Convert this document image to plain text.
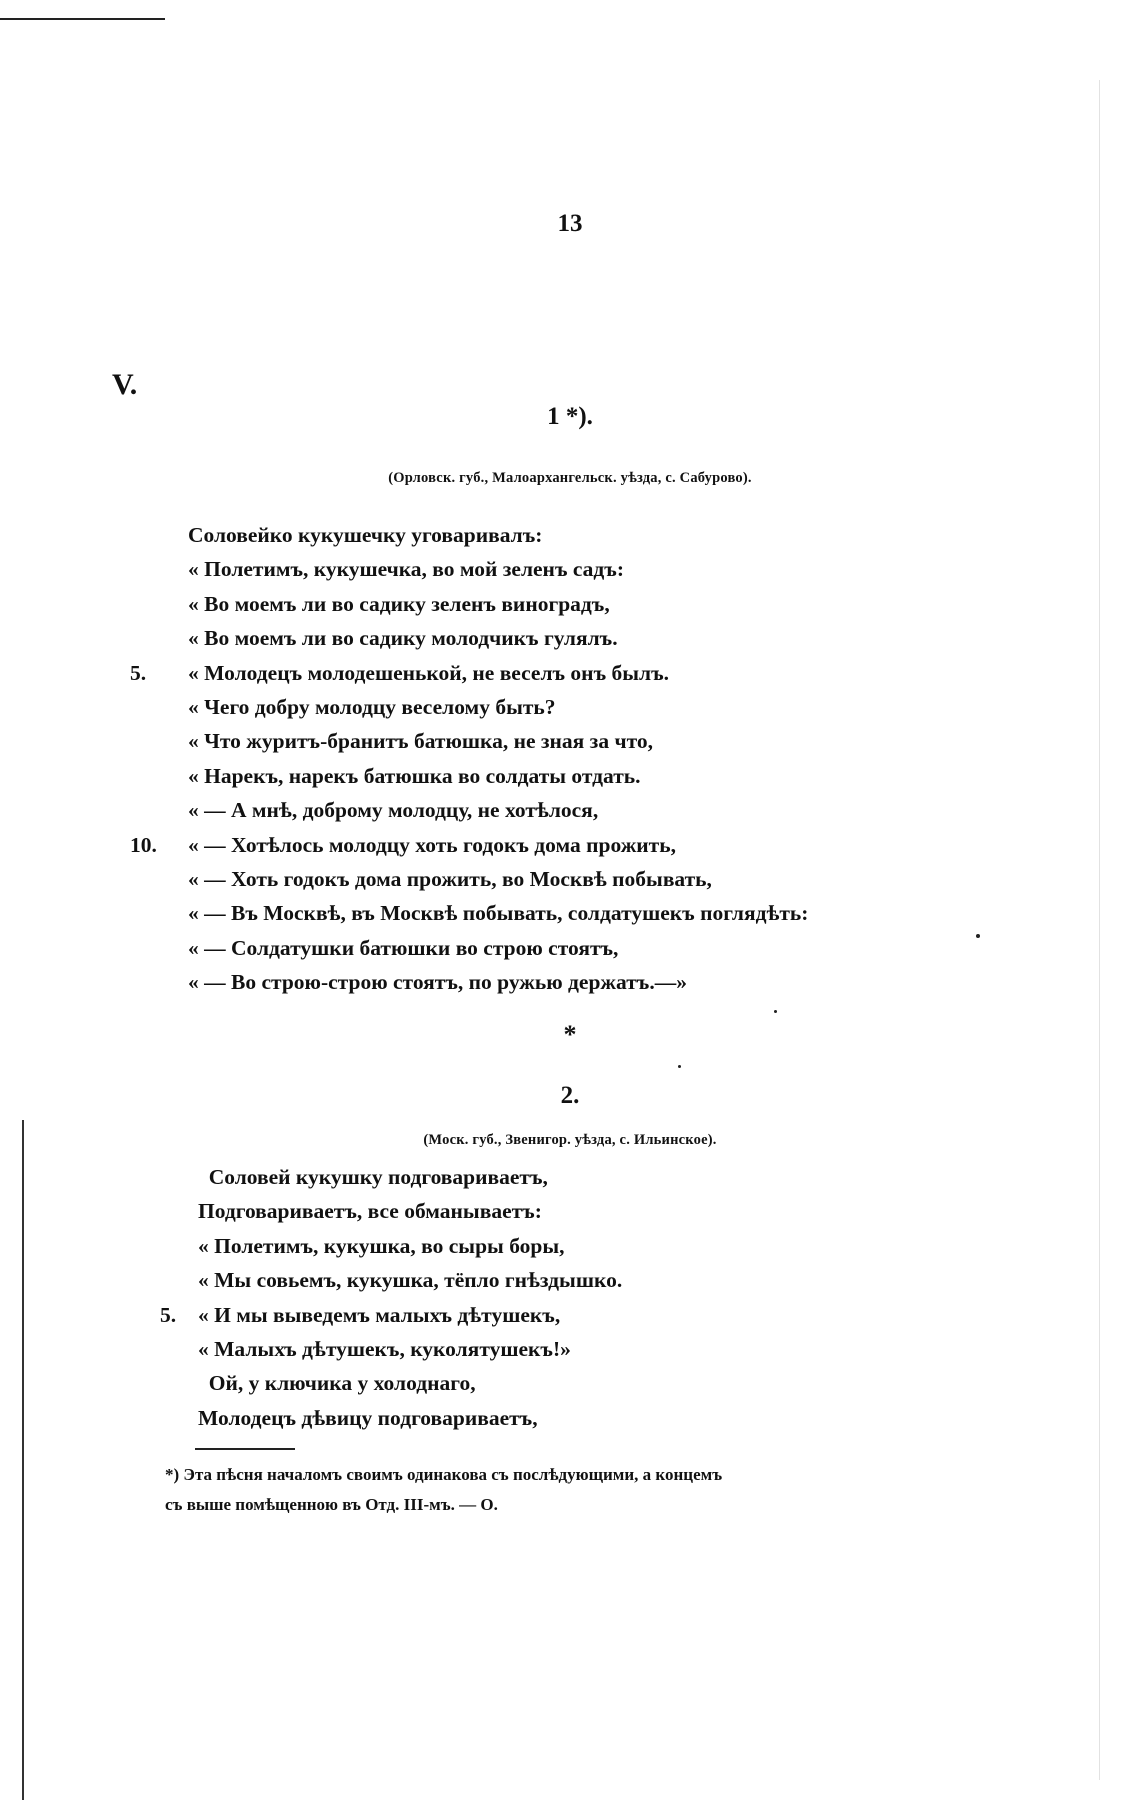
13
V.
1 *).
(Орловск. губ., Малоархангельск. уѣзда, с. Сабурово).
Соловейко кукушечку уговаривалъ:
« Полетимъ, кукушечка, во мой зеленъ садъ:
« Во моемъ ли во садику зеленъ виноградъ,
« Во моемъ ли во садику молодчикъ гулялъ.
5.	« Молодецъ молодешенькой, не веселъ онъ былъ.
« Чего добру молодцу веселому быть?
« Что журитъ-бранитъ батюшка, не зная за что,
« Нарекъ, нарекъ батюшка во солдаты отдать.
« — А мнѣ, доброму молодцу, не хотѣлося,
10.	« — Хотѣлось молодцу хоть годокъ дома прожить,
« — Хоть годокъ дома прожить, во Москвѣ побывать,
« — Въ Москвѣ, въ Москвѣ побывать, солдатушекъ поглядѣть:
« — Солдатушки батюшки во строю стоятъ,
« — Во строю-строю стоятъ, по ружью держатъ.—»
*
2.
(Моск. губ., Звенигор. уѣзда, с. Ильинское).
Соловей кукушку подговариваетъ,
Подговариваетъ, все обманываетъ:
« Полетимъ, кукушка, во сыры боры,
« Мы совьемъ, кукушка, тёпло гнѣздышко.
5.	« И мы выведемъ малыхъ дѣтушекъ,
« Малыхъ дѣтушекъ, куколятушекъ!»
Ой, у ключика у холоднаго,
Молодецъ дѣвицу подговариваетъ,
*) Эта пѣсня началомъ своимъ одинакова съ послѣдующими, а концемъ
съ выше помѣщенною въ Отд. III-мъ. — О.
